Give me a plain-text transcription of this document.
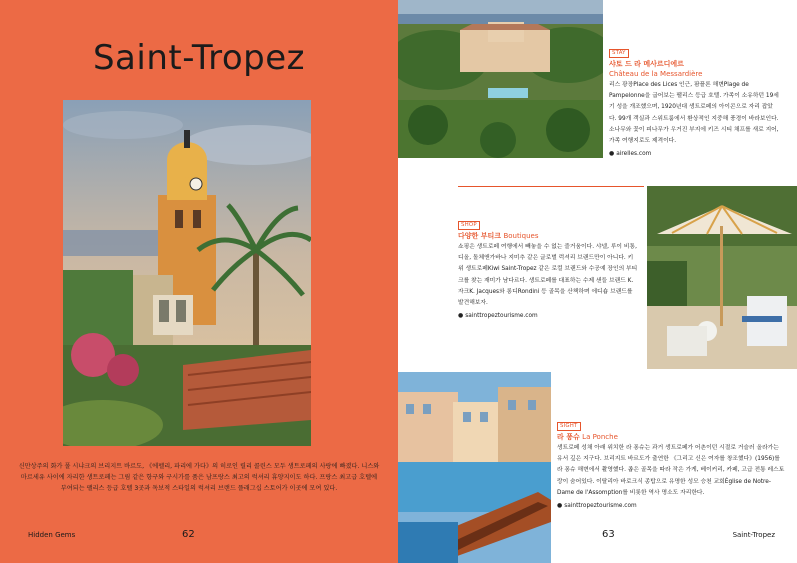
Saint-Tropez
신만상주의 화가 폴 시냐크의 브리지트 바르도, 《에펠리, 파리에 가다》의 히로인 릴리 콜린스 모두 생트로페의 사랑에 빠졌다. 니스와 마르세유 사이에 자리한 생트로페는 그림 같은 항구와 구시가를 품은 남프랑스 최고의 럭셔리 휴양지이도 하다. 프랑스 최고급 호텔에 부여되는 팰리스 등급 호텔 3곳과 독보적 스타일의 럭셔리 브랜드 플래그십 스토어가 이곳에 모여 있다.
Hidden Gems	62
STAY
샤토 드 라 메사르디에르
Château de la Messardière
리스 광장Place des Lices 인근, 팜플론 해변Plage de Pampelonne을 굽어보는 팰리스 등급 호텔. 가족이 소유하던 19세기 성을 개조했으며, 1920년대 생트로페의 아이콘으로 자리 잡았다. 99개 객실과 스위트룸에서 환상적인 지중해 풍경이 바라보인다. 소나무와 꽃이 피나무가 우거진 부지에 키즈 시티 채프를 새로 지어, 가족 여행지로도 제격이다.
● airelles.com
SHOP
다양한 부티크 Boutiques
쇼핑은 생트로페 여행에서 빼놓을 수 없는 즐거움이다. 샤넬, 루이 비통, 디올, 돌체앤가바나 지미추 같은 글로벌 럭셔리 브랜드만이 아니다. 키위 생트로페Kiwi Saint-Tropez 같은 로컬 브랜드와 수공예 장인의 부티크를 찾는 재미가 남다르다. 생트로페를 대표하는 수제 샌들 브랜드 K. 자크K. Jacques와 롱디Rondini 등 골목을 산책하며 에디숍 브랜드를 발견해보자.
● sainttropeztourisme.com
SIGHT
라 퐁슈 La Ponche
생트로페 성채 아래 위치한 라 퐁슈는 과거 생트로페가 어촌이던 시절로 거슬러 올라가는 유서 깊은 지구다. 브리지트 바르도가 출연한 《그리고 신은 여자를 창조했다》(1956)를 라 퐁슈 해변에서 촬영했다. 좁은 골목을 따라 작은 가게, 베이커리, 카페, 고급 전통 레스토랑이 숨어있다. 이탈리아 바로크식 종탑으로 유명한 성모 승천 교회Église de Notre-Dame de l'Assomption를 비롯한 역사 명소도 자리한다.
● sainttropeztourisme.com
63	Saint-Tropez
